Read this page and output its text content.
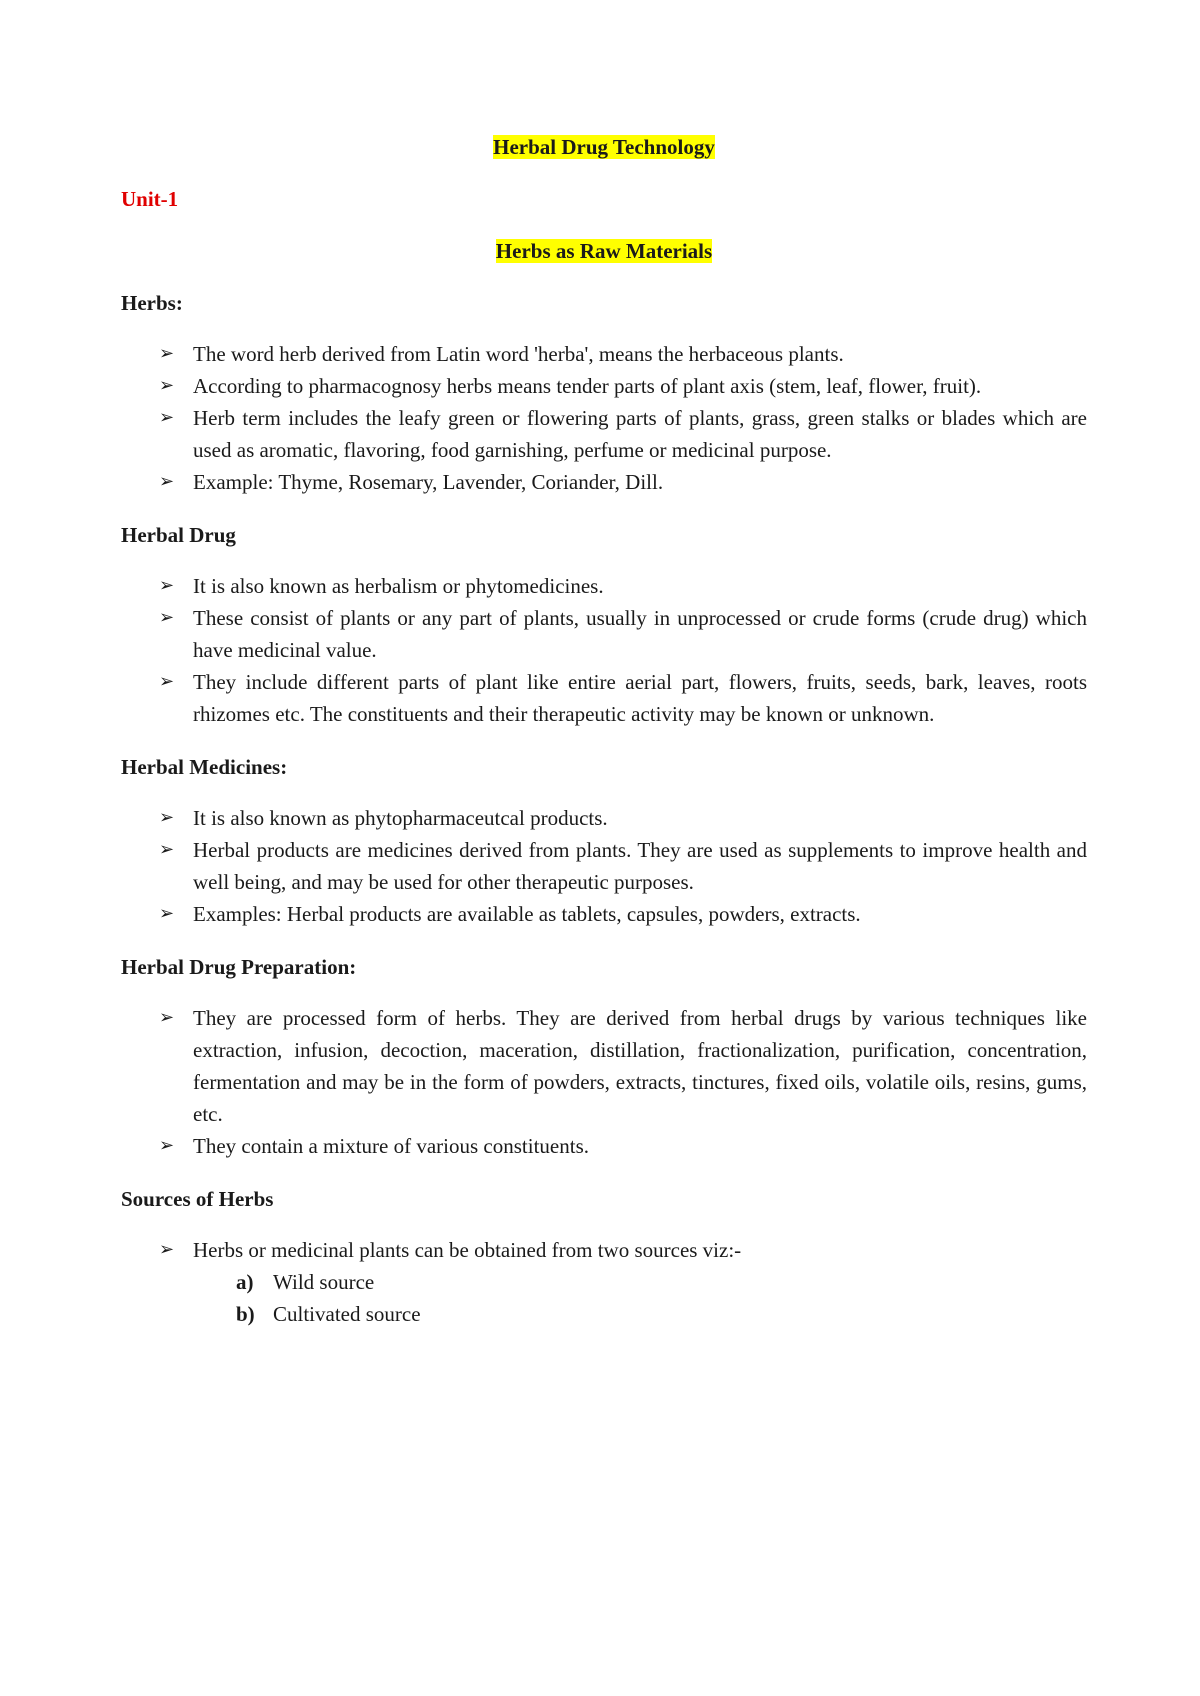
Herbal Drug Technology
Unit-1
Herbs as Raw Materials
Herbs:
➢ The word herb derived from Latin word 'herba', means the herbaceous plants.
➢ According to pharmacognosy herbs means tender parts of plant axis (stem, leaf, flower, fruit).
➢ Herb term includes the leafy green or flowering parts of plants, grass, green stalks or blades which are used as aromatic, flavoring, food garnishing, perfume or medicinal purpose.
➢ Example: Thyme, Rosemary, Lavender, Coriander, Dill.
Herbal Drug
➢ It is also known as herbalism or phytomedicines.
➢ These consist of plants or any part of plants, usually in unprocessed or crude forms (crude drug) which have medicinal value.
➢ They include different parts of plant like entire aerial part, flowers, fruits, seeds, bark, leaves, roots rhizomes etc. The constituents and their therapeutic activity may be known or unknown.
Herbal Medicines:
➢ It is also known as phytopharmaceutcal products.
➢ Herbal products are medicines derived from plants. They are used as supplements to improve health and well being, and may be used for other therapeutic purposes.
➢ Examples: Herbal products are available as tablets, capsules, powders, extracts.
Herbal Drug Preparation:
➢ They are processed form of herbs. They are derived from herbal drugs by various techniques like extraction, infusion, decoction, maceration, distillation, fractionalization, purification, concentration, fermentation and may be in the form of powders, extracts, tinctures, fixed oils, volatile oils, resins, gums, etc.
➢ They contain a mixture of various constituents.
Sources of Herbs
➢ Herbs or medicinal plants can be obtained from two sources viz:-
a) Wild source
b) Cultivated source
